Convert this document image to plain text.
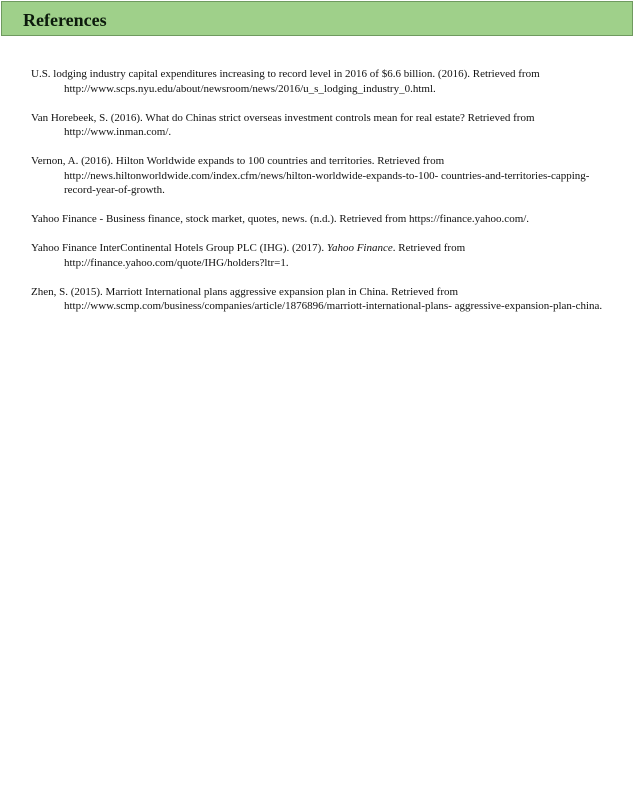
References
U.S. lodging industry capital expenditures increasing to record level in 2016 of $6.6 billion. (2016). Retrieved from http://www.scps.nyu.edu/about/newsroom/news/2016/u_s_lodging_industry_0.html.
Van Horebeek, S. (2016). What do Chinas strict overseas investment controls mean for real estate? Retrieved from http://www.inman.com/.
Vernon, A. (2016). Hilton Worldwide expands to 100 countries and territories. Retrieved from http://news.hiltonworldwide.com/index.cfm/news/hilton-worldwide-expands-to-100- countries-and-territories-capping-record-year-of-growth.
Yahoo Finance - Business finance, stock market, quotes, news. (n.d.). Retrieved from https://finance.yahoo.com/.
Yahoo Finance InterContinental Hotels Group PLC (IHG). (2017). Yahoo Finance. Retrieved from http://finance.yahoo.com/quote/IHG/holders?ltr=1.
Zhen, S. (2015). Marriott International plans aggressive expansion plan in China. Retrieved from http://www.scmp.com/business/companies/article/1876896/marriott-international-plans- aggressive-expansion-plan-china.
